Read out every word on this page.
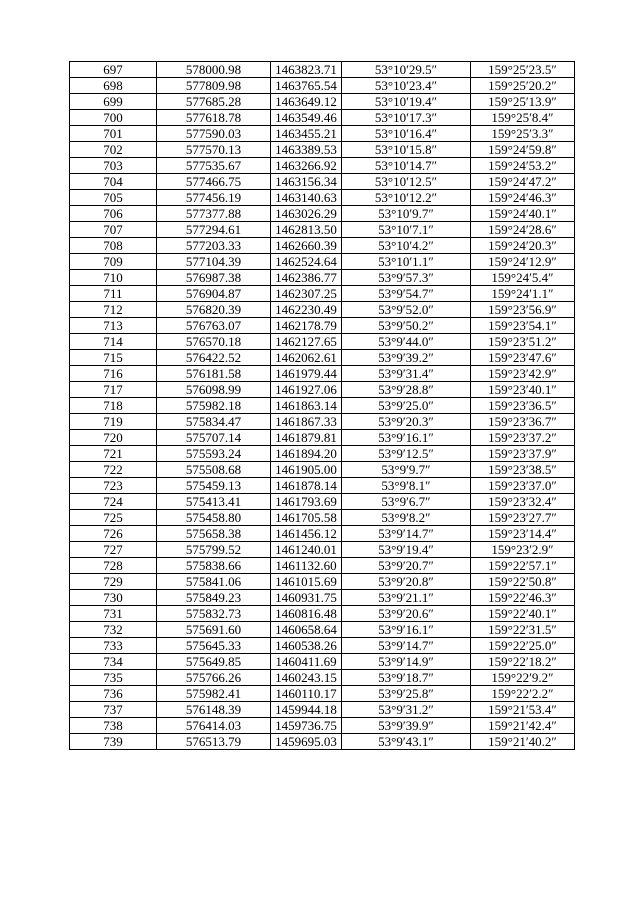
697	578000.98	1463823.71	53°10′29.5″	159°25′23.5″
698	577809.98	1463765.54	53°10′23.4″	159°25′20.2″
699	577685.28	1463649.12	53°10′19.4″	159°25′13.9″
700	577618.78	1463549.46	53°10′17.3″	159°25′8.4″
701	577590.03	1463455.21	53°10′16.4″	159°25′3.3″
702	577570.13	1463389.53	53°10′15.8″	159°24′59.8″
703	577535.67	1463266.92	53°10′14.7″	159°24′53.2″
704	577466.75	1463156.34	53°10′12.5″	159°24′47.2″
705	577456.19	1463140.63	53°10′12.2″	159°24′46.3″
706	577377.88	1463026.29	53°10′9.7″	159°24′40.1″
707	577294.61	1462813.50	53°10′7.1″	159°24′28.6″
708	577203.33	1462660.39	53°10′4.2″	159°24′20.3″
709	577104.39	1462524.64	53°10′1.1″	159°24′12.9″
710	576987.38	1462386.77	53°9′57.3″	159°24′5.4″
711	576904.87	1462307.25	53°9′54.7″	159°24′1.1″
712	576820.39	1462230.49	53°9′52.0″	159°23′56.9″
713	576763.07	1462178.79	53°9′50.2″	159°23′54.1″
714	576570.18	1462127.65	53°9′44.0″	159°23′51.2″
715	576422.52	1462062.61	53°9′39.2″	159°23′47.6″
716	576181.58	1461979.44	53°9′31.4″	159°23′42.9″
717	576098.99	1461927.06	53°9′28.8″	159°23′40.1″
718	575982.18	1461863.14	53°9′25.0″	159°23′36.5″
719	575834.47	1461867.33	53°9′20.3″	159°23′36.7″
720	575707.14	1461879.81	53°9′16.1″	159°23′37.2″
721	575593.24	1461894.20	53°9′12.5″	159°23′37.9″
722	575508.68	1461905.00	53°9′9.7″	159°23′38.5″
723	575459.13	1461878.14	53°9′8.1″	159°23′37.0″
724	575413.41	1461793.69	53°9′6.7″	159°23′32.4″
725	575458.80	1461705.58	53°9′8.2″	159°23′27.7″
726	575658.38	1461456.12	53°9′14.7″	159°23′14.4″
727	575799.52	1461240.01	53°9′19.4″	159°23′2.9″
728	575838.66	1461132.60	53°9′20.7″	159°22′57.1″
729	575841.06	1461015.69	53°9′20.8″	159°22′50.8″
730	575849.23	1460931.75	53°9′21.1″	159°22′46.3″
731	575832.73	1460816.48	53°9′20.6″	159°22′40.1″
732	575691.60	1460658.64	53°9′16.1″	159°22′31.5″
733	575645.33	1460538.26	53°9′14.7″	159°22′25.0″
734	575649.85	1460411.69	53°9′14.9″	159°22′18.2″
735	575766.26	1460243.15	53°9′18.7″	159°22′9.2″
736	575982.41	1460110.17	53°9′25.8″	159°22′2.2″
737	576148.39	1459944.18	53°9′31.2″	159°21′53.4″
738	576414.03	1459736.75	53°9′39.9″	159°21′42.4″
739	576513.79	1459695.03	53°9′43.1″	159°21′40.2″
